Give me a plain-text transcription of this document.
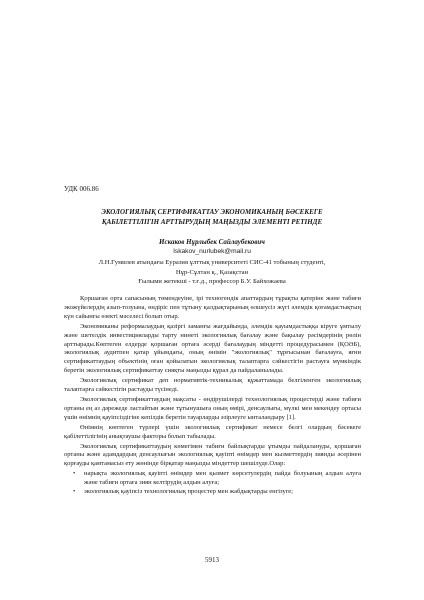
УДК 006.86
ЭКОЛОГИЯЛЫҚ СЕРТИФИКАТТАУ ЭКОНОМИКАНЫҢ БӘСЕКЕГЕ
ҚАБІЛЕТТІЛІГІН АРТТЫРУДЫҢ МАҢЫЗДЫ ЭЛЕМЕНТІ РЕТІНДЕ
Искаков Нұрлыбек Сайлаубекович
Iskakov_nurlubek@mail.ru
Л.Н.Гумилев атындағы Еуразия ұлттық университеті СИС-41 тобының студенті,
Нұр-Сұлтан қ., Қазақстан
Ғылыми жетекші - т.ғ.д., профессор Б.У. Байхожаева

Қоршаған орта сапасының төмендеуіне, ірі техногендік апаттардың тұрақты қатеріне және табиғи экожүйелердің азып-тозуына, өндіріс пен тұтыну қалдықтарының өлшеусіз жүгі әлемдік қоғамдастықтың күн сайынғы өзекті мәселесі болып отыр.

Экономиканы реформалаудың қазіргі заманғы жағдайында, әлемдік қауымдастыққа кіруге ұмтылу және шетелдік инвестицияларды тарту нинеті экологиялық бағалау және бақылау рәсімдерінің рөлін арттырады.Көптеген елдерде қоршаған ортаға әсерді бағалаудың міндетті процедурасымен (ҚОӘБ), экологиялық аудитпен қатар ұйымдағы, оның өнімін "экологиялық" тұрғысынан бағалауға, яғни сертификаттаудың объектінің оған қойылатын экологиялық талаптарға сәйкестігін растауға мүмкіндік беретін экологиялық сертификаттау сияқты маңызды құрал да пайдаланылады.

Экологиялық сертификат деп нормативтік-техникалық құжаттамада белгіленген экологиялық талаптарға сәйкестігін растауды түсінеді.

Экологиялық сертификаттаудың мақсаты - өндірушілерді технологиялық процестерді және табиғи ортаны ең аз дәрежеде ластайтын және тұтынушыға оның өмірі, денсаулығы, мүлкі мен мекендеу ортасы үшін өнімнің қауіпсіздігіне кепілдік беретін тауарларды әзірлеуге ынталандыру [1].

Өнімнің көптеген түрлері үшін экологиялық сертификат немесе белгі олардың бәсекеге қабілеттілігінің анықтаушы факторы болып табылады.

Экологиялық сертификаттаудың көмегімен табиғи байлықтарды ұтымды пайдалануды, қоршаған ортаны және адамдардың денсаулығын экологиялық қауіпті өнімдер мен кызметтердің зиянды әсерінен қорғауды қамтамасыз ету жөнінде бірқатар маңызды міндеттер шешілуде.Олар:

• нарықта экологиялық қауіпті өнімдер мен қызмет көрсетулердің пайда болуының алдын алуға және табиғи ортаға зиян келтірудің алдын алуға;
• экологиялық қауіпсіз технологиялық процестер мен жабдықтарды енгізуге;
5913
